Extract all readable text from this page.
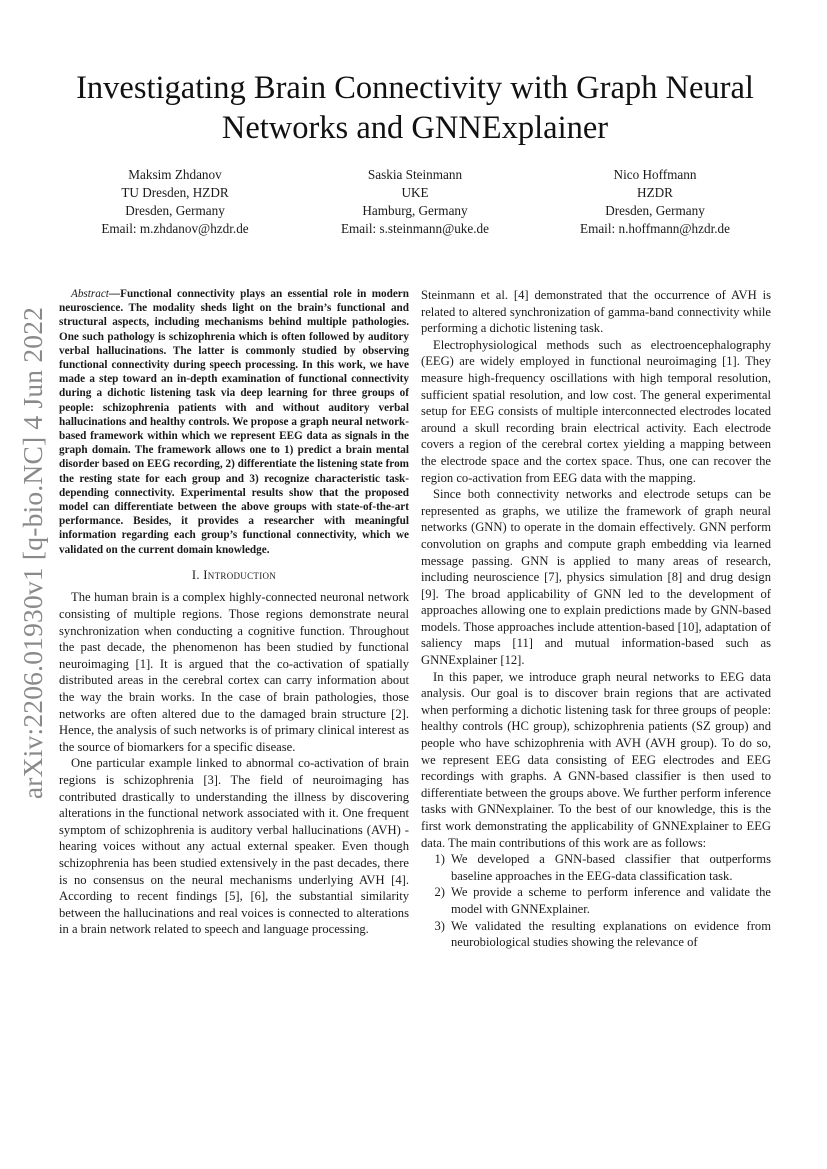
arXiv:2206.01930v1 [q-bio.NC] 4 Jun 2022
Investigating Brain Connectivity with Graph Neural Networks and GNNExplainer
Maksim Zhdanov
TU Dresden, HZDR
Dresden, Germany
Email: m.zhdanov@hzdr.de
Saskia Steinmann
UKE
Hamburg, Germany
Email: s.steinmann@uke.de
Nico Hoffmann
HZDR
Dresden, Germany
Email: n.hoffmann@hzdr.de

Abstract—Functional connectivity plays an essential role in modern neuroscience. The modality sheds light on the brain’s functional and structural aspects, including mechanisms behind multiple pathologies. One such pathology is schizophrenia which is often followed by auditory verbal hallucinations. The latter is commonly studied by observing functional connectivity during speech processing. In this work, we have made a step toward an in-depth examination of functional connectivity during a dichotic listening task via deep learning for three groups of people: schizophrenia patients with and without auditory verbal hallucinations and healthy controls. We propose a graph neural network-based framework within which we represent EEG data as signals in the graph domain. The framework allows one to 1) predict a brain mental disorder based on EEG recording, 2) differentiate the listening state from the resting state for each group and 3) recognize characteristic task-depending connectivity. Experimental results show that the proposed model can differentiate between the above groups with state-of-the-art performance. Besides, it provides a researcher with meaningful information regarding each group’s functional connectivity, which we validated on the current domain knowledge.

I. Introduction

The human brain is a complex highly-connected neuronal network consisting of multiple regions. Those regions demonstrate neural synchronization when conducting a cognitive function. Throughout the past decade, the phenomenon has been studied by functional neuroimaging [1]. It is argued that the co-activation of spatially distributed areas in the cerebral cortex can carry information about the way the brain works. In the case of brain pathologies, those networks are often altered due to the damaged brain structure [2]. Hence, the analysis of such networks is of primary clinical interest as the source of biomarkers for a specific disease.

One particular example linked to abnormal co-activation of brain regions is schizophrenia [3]. The field of neuroimaging has contributed drastically to understanding the illness by discovering alterations in the functional network associated with it. One frequent symptom of schizophrenia is auditory verbal hallucinations (AVH) - hearing voices without any actual external speaker. Even though schizophrenia has been studied extensively in the past decades, there is no consensus on the neural mechanisms underlying AVH [4]. According to recent findings [5], [6], the substantial similarity between the hallucinations and real voices is connected to alterations in a brain network related to speech and language processing.

Steinmann et al. [4] demonstrated that the occurrence of AVH is related to altered synchronization of gamma-band connectivity while performing a dichotic listening task.

Electrophysiological methods such as electroencephalography (EEG) are widely employed in functional neuroimaging [1]. They measure high-frequency oscillations with high temporal resolution, sufficient spatial resolution, and low cost. The general experimental setup for EEG consists of multiple interconnected electrodes located around a skull recording brain electrical activity. Each electrode covers a region of the cerebral cortex yielding a mapping between the electrode space and the cortex space. Thus, one can recover the region co-activation from EEG data with the mapping.

Since both connectivity networks and electrode setups can be represented as graphs, we utilize the framework of graph neural networks (GNN) to operate in the domain effectively. GNN perform convolution on graphs and compute graph embedding via learned message passing. GNN is applied to many areas of research, including neuroscience [7], physics simulation [8] and drug design [9]. The broad applicability of GNN led to the development of approaches allowing one to explain predictions made by GNN-based models. Those approaches include attention-based [10], adaptation of saliency maps [11] and mutual information-based such as GNNExplainer [12].

In this paper, we introduce graph neural networks to EEG data analysis. Our goal is to discover brain regions that are activated when performing a dichotic listening task for three groups of people: healthy controls (HC group), schizophrenia patients (SZ group) and people who have schizophrenia with AVH (AVH group). To do so, we represent EEG data consisting of EEG electrodes and EEG recordings with graphs. A GNN-based classifier is then used to differentiate between the groups above. We further perform inference tasks with GNNexplainer. To the best of our knowledge, this is the first work demonstrating the applicability of GNNExplainer to EEG data. The main contributions of this work are as follows:

1) We developed a GNN-based classifier that outperforms baseline approaches in the EEG-data classification task.
2) We provide a scheme to perform inference and validate the model with GNNExplainer.
3) We validated the resulting explanations on evidence from neurobiological studies showing the relevance of
